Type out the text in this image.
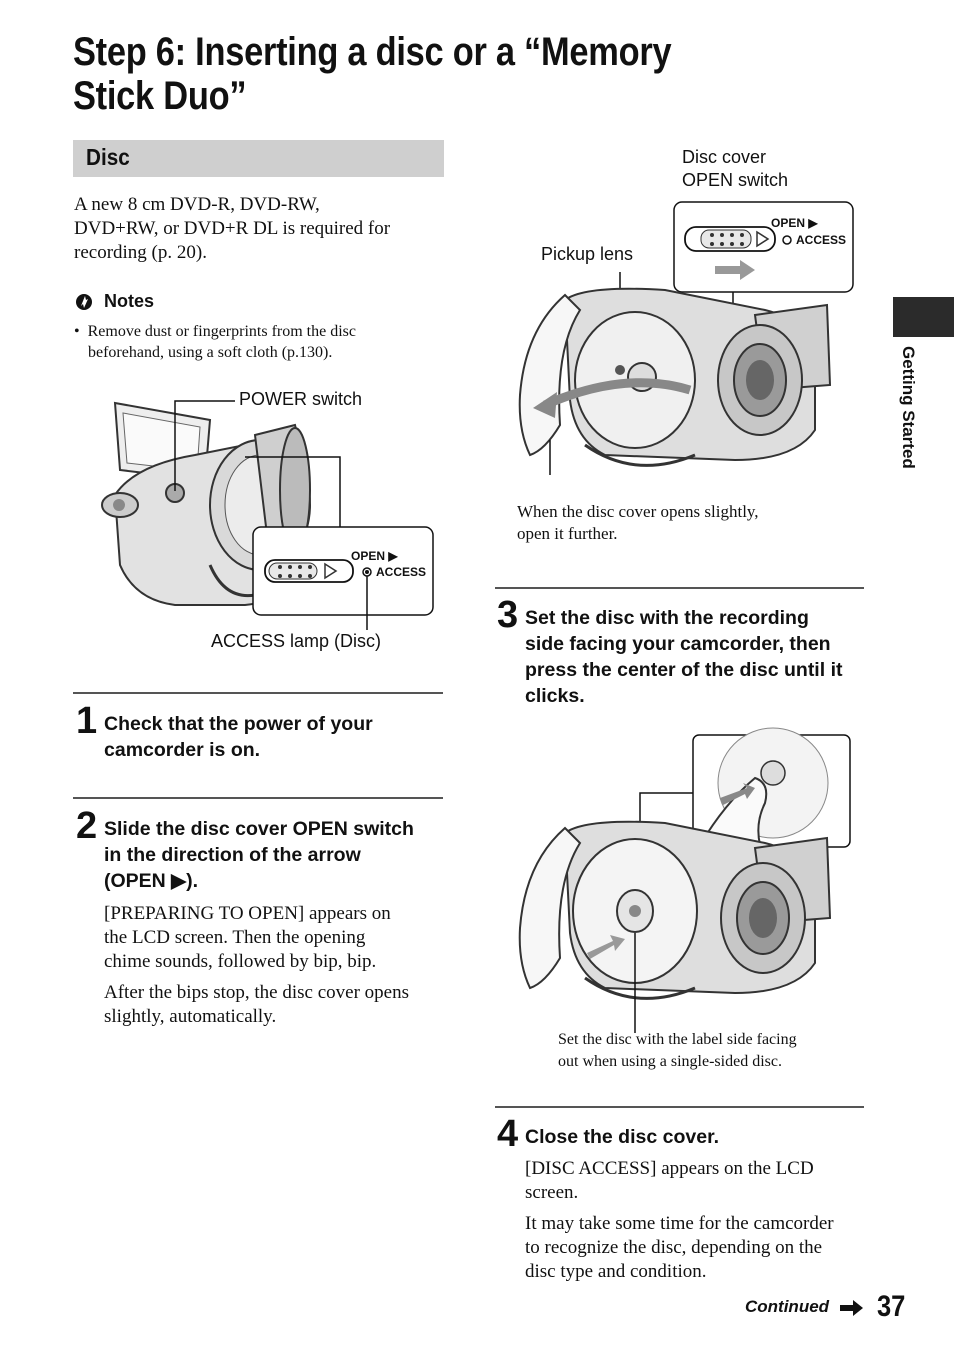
Step 6: Inserting a disc or a “Memory Stick Duo”
Disc
A new 8 cm DVD-R, DVD-RW,
DVD+RW, or DVD+R DL is required for
recording (p. 20).
Notes
•  Remove dust or fingerprints from the disc
beforehand, using a soft cloth (p.130).
POWER switch
OPEN ▶
ACCESS
ACCESS lamp (Disc)
1 Check that the power of your
camcorder is on.
2 Slide the disc cover OPEN switch
in the direction of the arrow
(OPEN ▶).
[PREPARING TO OPEN] appears on
the LCD screen. Then the opening
chime sounds, followed by bip, bip.
After the bips stop, the disc cover opens
slightly, automatically.
Disc cover
OPEN switch
Pickup lens
OPEN ▶
ACCESS
When the disc cover opens slightly,
open it further.
3 Set the disc with the recording
side facing your camcorder, then
press the center of the disc until it
clicks.
Set the disc with the label side facing
out when using a single-sided disc.
4 Close the disc cover.
[DISC ACCESS] appears on the LCD
screen.
It may take some time for the camcorder
to recognize the disc, depending on the
disc type and condition.
Getting Started
Continued 37
